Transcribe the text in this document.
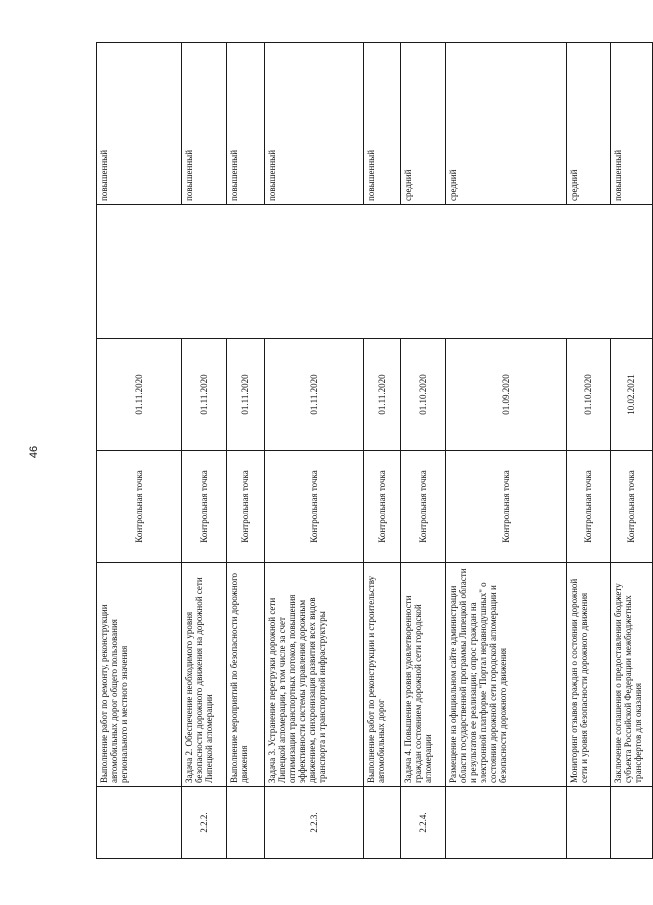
46
	Выполнение работ по ремонту, реконструкции автомобильных дорог общего пользования регионального и местного значения	Контрольная точка	01.11.2020		повышенный
2.2.2.	Задача 2. Обеспечение необходимого уровня безопасности дорожного движения на дорожной сети Липецкой агломерации	Контрольная точка	01.11.2020		повышенный
	Выполнение мероприятий по безопасности дорожного движения	Контрольная точка	01.11.2020		повышенный
2.2.3.	Задача 3. Устранение перегрузки дорожной сети Липецкой агломерации, в том числе за счет оптимизации транспортных потоков, повышения эффективности системы управления дорожным движением, синхронизация развития всех видов транспорта и транспортной инфраструктуры	Контрольная точка	01.11.2020		повышенный
	Выполнение работ по реконструкции и строительству автомобильных дорог	Контрольная точка	01.11.2020		повышенный
2.2.4.	Задача 4. Повышение уровня удовлетворенности граждан состоянием дорожной сети городской агломерации	Контрольная точка	01.10.2020		средний
	Размещение на официальном сайте администрации области государственной программы Липецкой области и результатов ее реализации; опрос граждан на электронной платформе "Портал неравнодушных" о состоянии дорожной сети городской агломерации и безопасности дорожного движения	Контрольная точка	01.09.2020		средний
	Мониторинг отзывов граждан о состоянии дорожной сети и уровня безопасности дорожного движения	Контрольная точка	01.10.2020		средний
	Заключение соглашения о предоставлении бюджету субъекта Российской Федерации межбюджетных трансфертов для оказания	Контрольная точка	10.02.2021		повышенный
